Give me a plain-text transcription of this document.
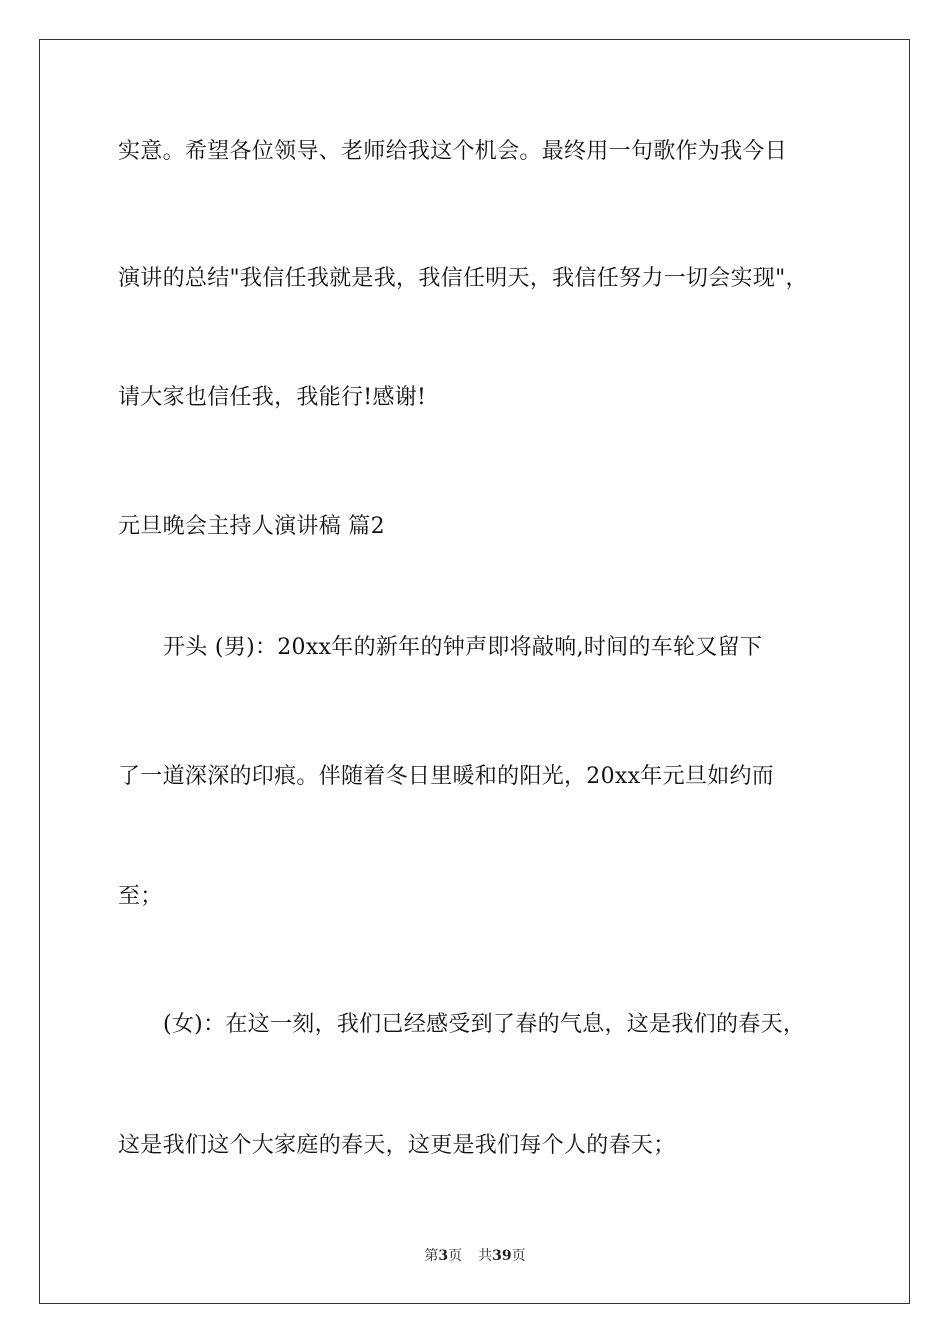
实意。希望各位领导、老师给我这个机会。最终用一句歌作为我今日
演讲的总结"我信任我就是我，我信任明天，我信任努力一切会实现"，
请大家也信任我，我能行!感谢!
元旦晚会主持人演讲稿 篇2
开头 (男)：20xx年的新年的钟声即将敲响,时间的车轮又留下
了一道深深的印痕。伴随着冬日里暖和的阳光，20xx年元旦如约而
至；
(女)：在这一刻，我们已经感受到了春的气息，这是我们的春天，
这是我们这个大家庭的春天，这更是我们每个人的春天；
第3页 共39页
